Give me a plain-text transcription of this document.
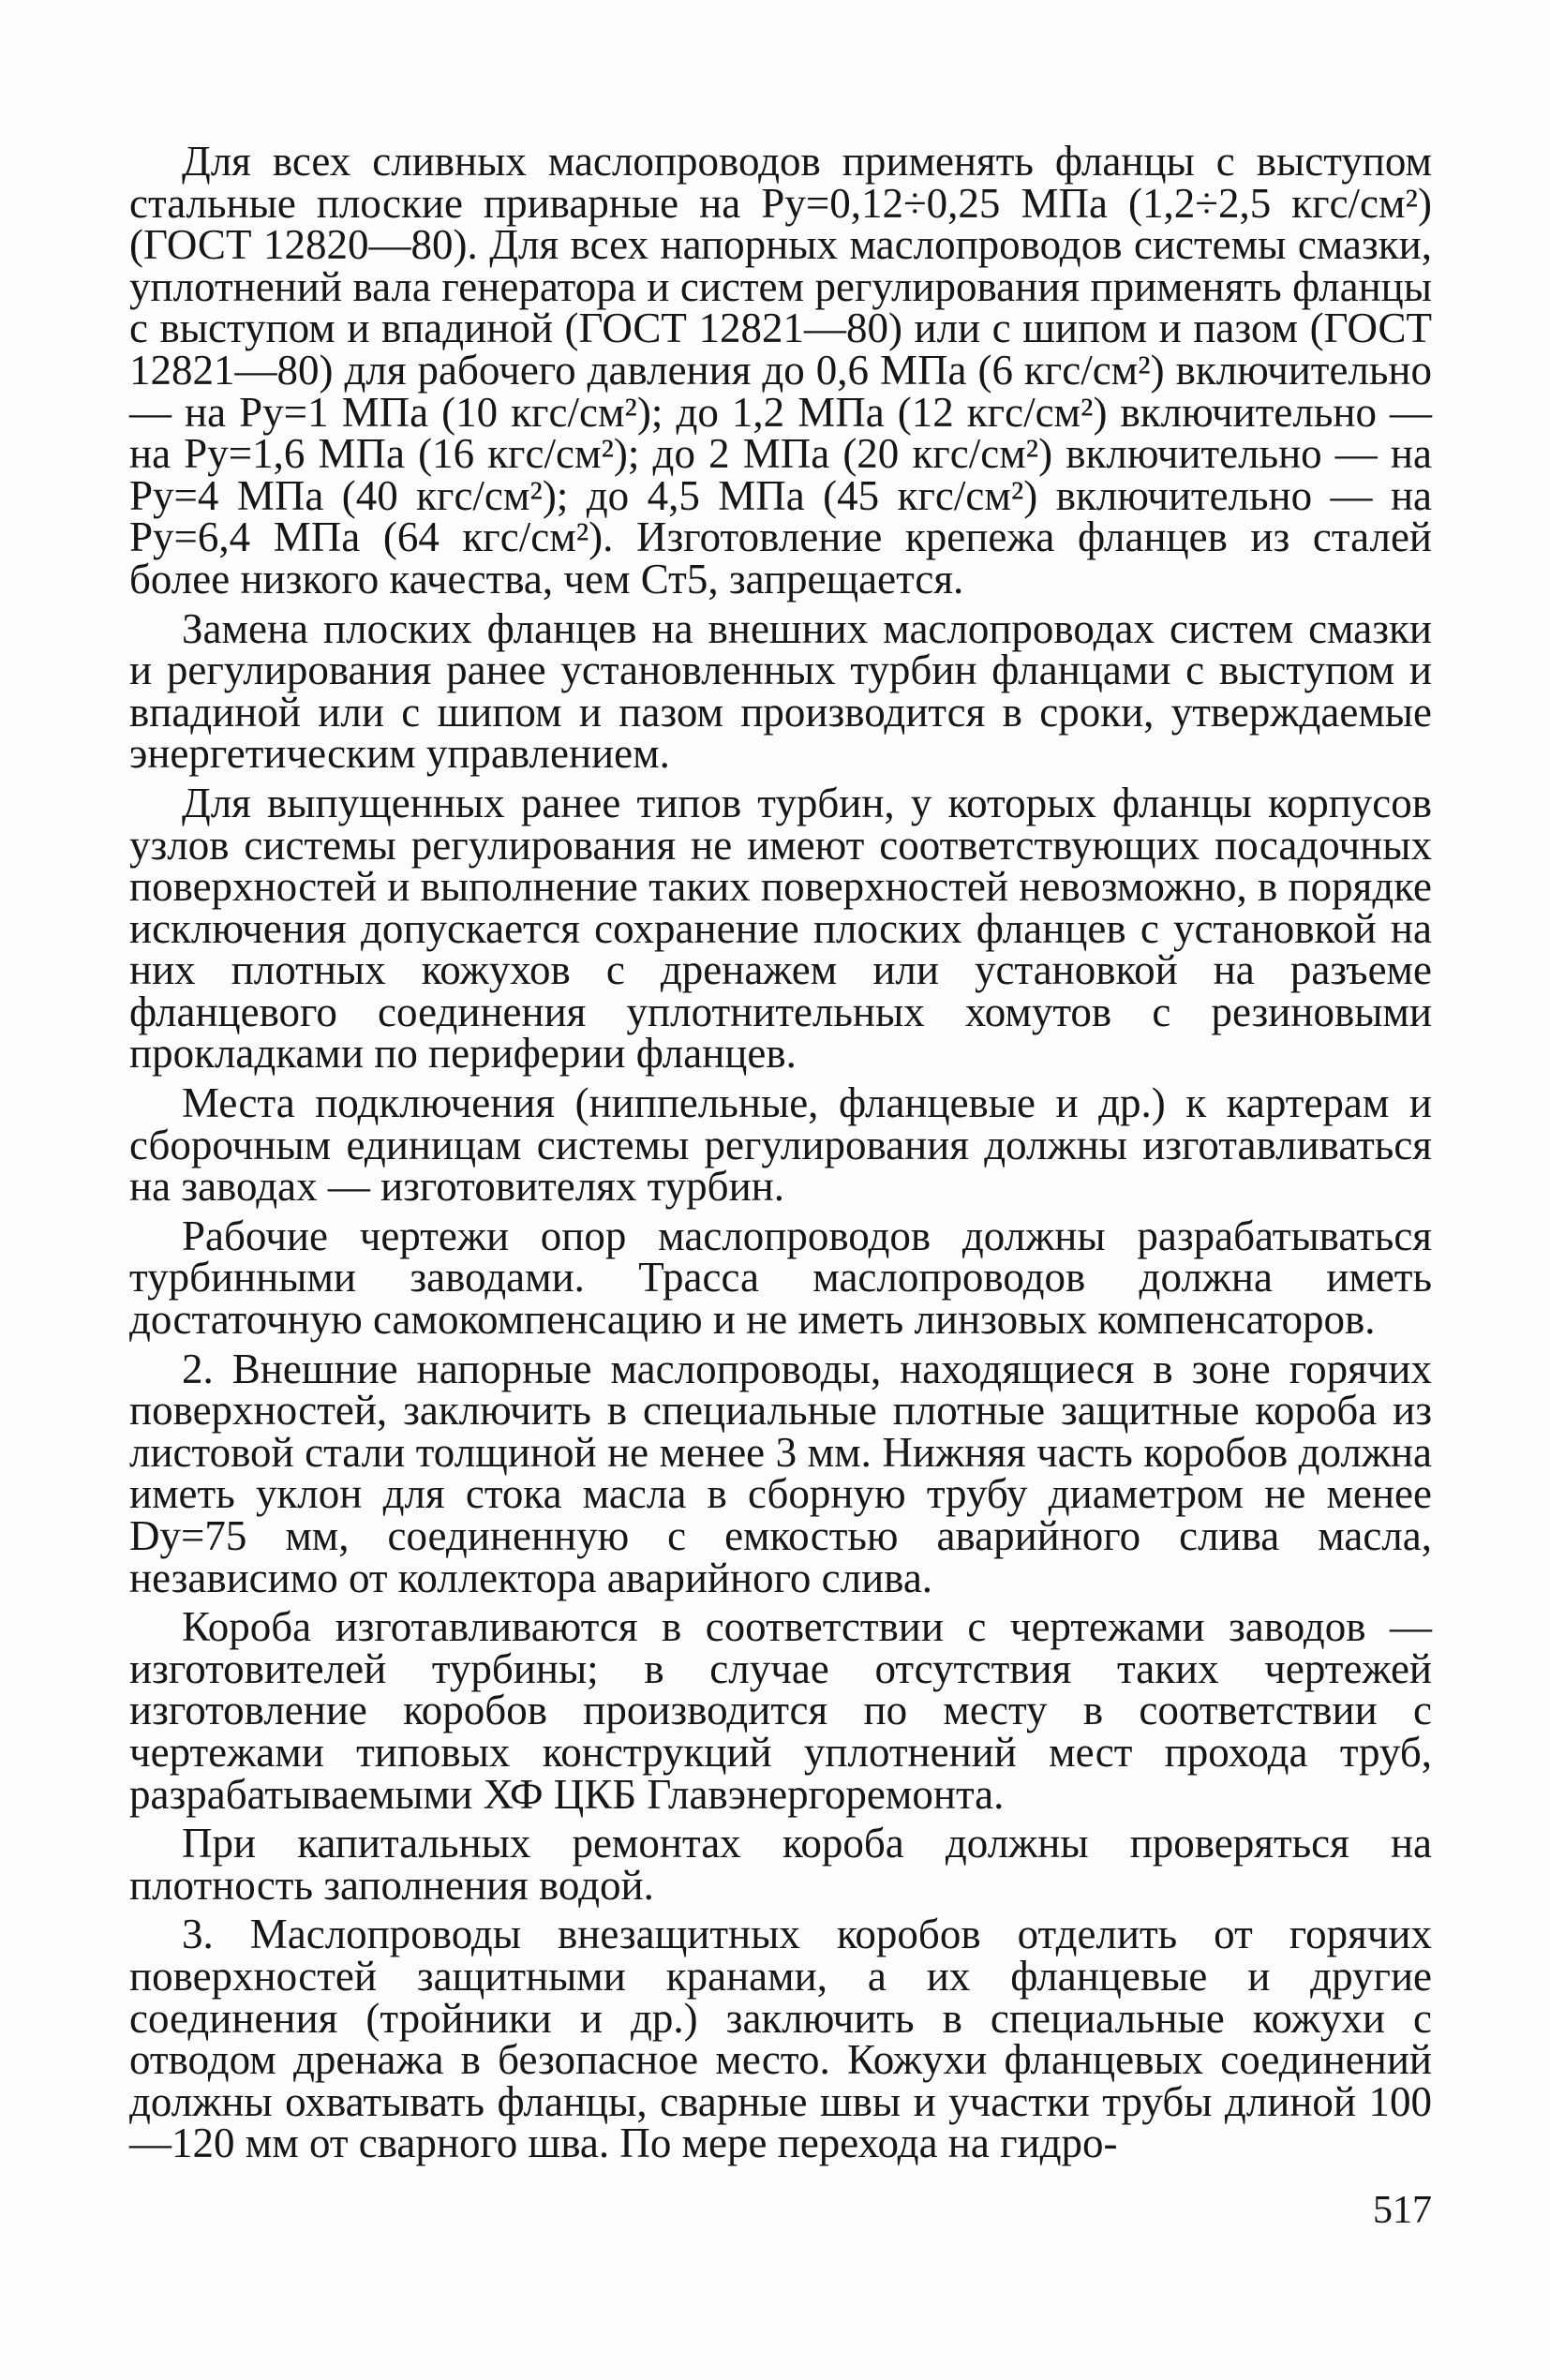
Для всех сливных маслопроводов применять фланцы с выступом стальные плоские приварные на Pу=0,12÷0,25 МПа (1,2÷2,5 кгс/см²) (ГОСТ 12820—80). Для всех напорных маслопроводов системы смазки, уплотнений вала генератора и систем регулирования применять фланцы с выступом и впадиной (ГОСТ 12821—80) или с шипом и пазом (ГОСТ 12821—80) для рабочего давления до 0,6 МПа (6 кгс/см²) включительно — на Pу=1 МПа (10 кгс/см²); до 1,2 МПа (12 кгс/см²) включительно — на Pу=1,6 МПа (16 кгс/см²); до 2 МПа (20 кгс/см²) включительно — на Pу=4 МПа (40 кгс/см²); до 4,5 МПа (45 кгс/см²) включительно — на Pу=6,4 МПа (64 кгс/см²). Изготовление крепежа фланцев из сталей более низкого качества, чем Ст5, запрещается.

Замена плоских фланцев на внешних маслопроводах систем смазки и регулирования ранее установленных турбин фланцами с выступом и впадиной или с шипом и пазом производится в сроки, утверждаемые энергетическим управлением.

Для выпущенных ранее типов турбин, у которых фланцы корпусов узлов системы регулирования не имеют соответствующих посадочных поверхностей и выполнение таких поверхностей невозможно, в порядке исключения допускается сохранение плоских фланцев с установкой на них плотных кожухов с дренажем или установкой на разъеме фланцевого соединения уплотнительных хомутов с резиновыми прокладками по периферии фланцев.

Места подключения (ниппельные, фланцевые и др.) к картерам и сборочным единицам системы регулирования должны изготавливаться на заводах — изготовителях турбин.

Рабочие чертежи опор маслопроводов должны разрабатываться турбинными заводами. Трасса маслопроводов должна иметь достаточную самокомпенсацию и не иметь линзовых компенсаторов.

2. Внешние напорные маслопроводы, находящиеся в зоне горячих поверхностей, заключить в специальные плотные защитные короба из листовой стали толщиной не менее 3 мм. Нижняя часть коробов должна иметь уклон для стока масла в сборную трубу диаметром не менее Dу=75 мм, соединенную с емкостью аварийного слива масла, независимо от коллектора аварийного слива.

Короба изготавливаются в соответствии с чертежами заводов — изготовителей турбины; в случае отсутствия таких чертежей изготовление коробов производится по месту в соответствии с чертежами типовых конструкций уплотнений мест прохода труб, разрабатываемыми ХФ ЦКБ Главэнергоремонта.

При капитальных ремонтах короба должны проверяться на плотность заполнения водой.

3. Маслопроводы внезащитных коробов отделить от горячих поверхностей защитными кранами, а их фланцевые и другие соединения (тройники и др.) заключить в специальные кожухи с отводом дренажа в безопасное место. Кожухи фланцевых соединений должны охватывать фланцы, сварные швы и участки трубы длиной 100—120 мм от сварного шва. По мере перехода на гидро-

517
